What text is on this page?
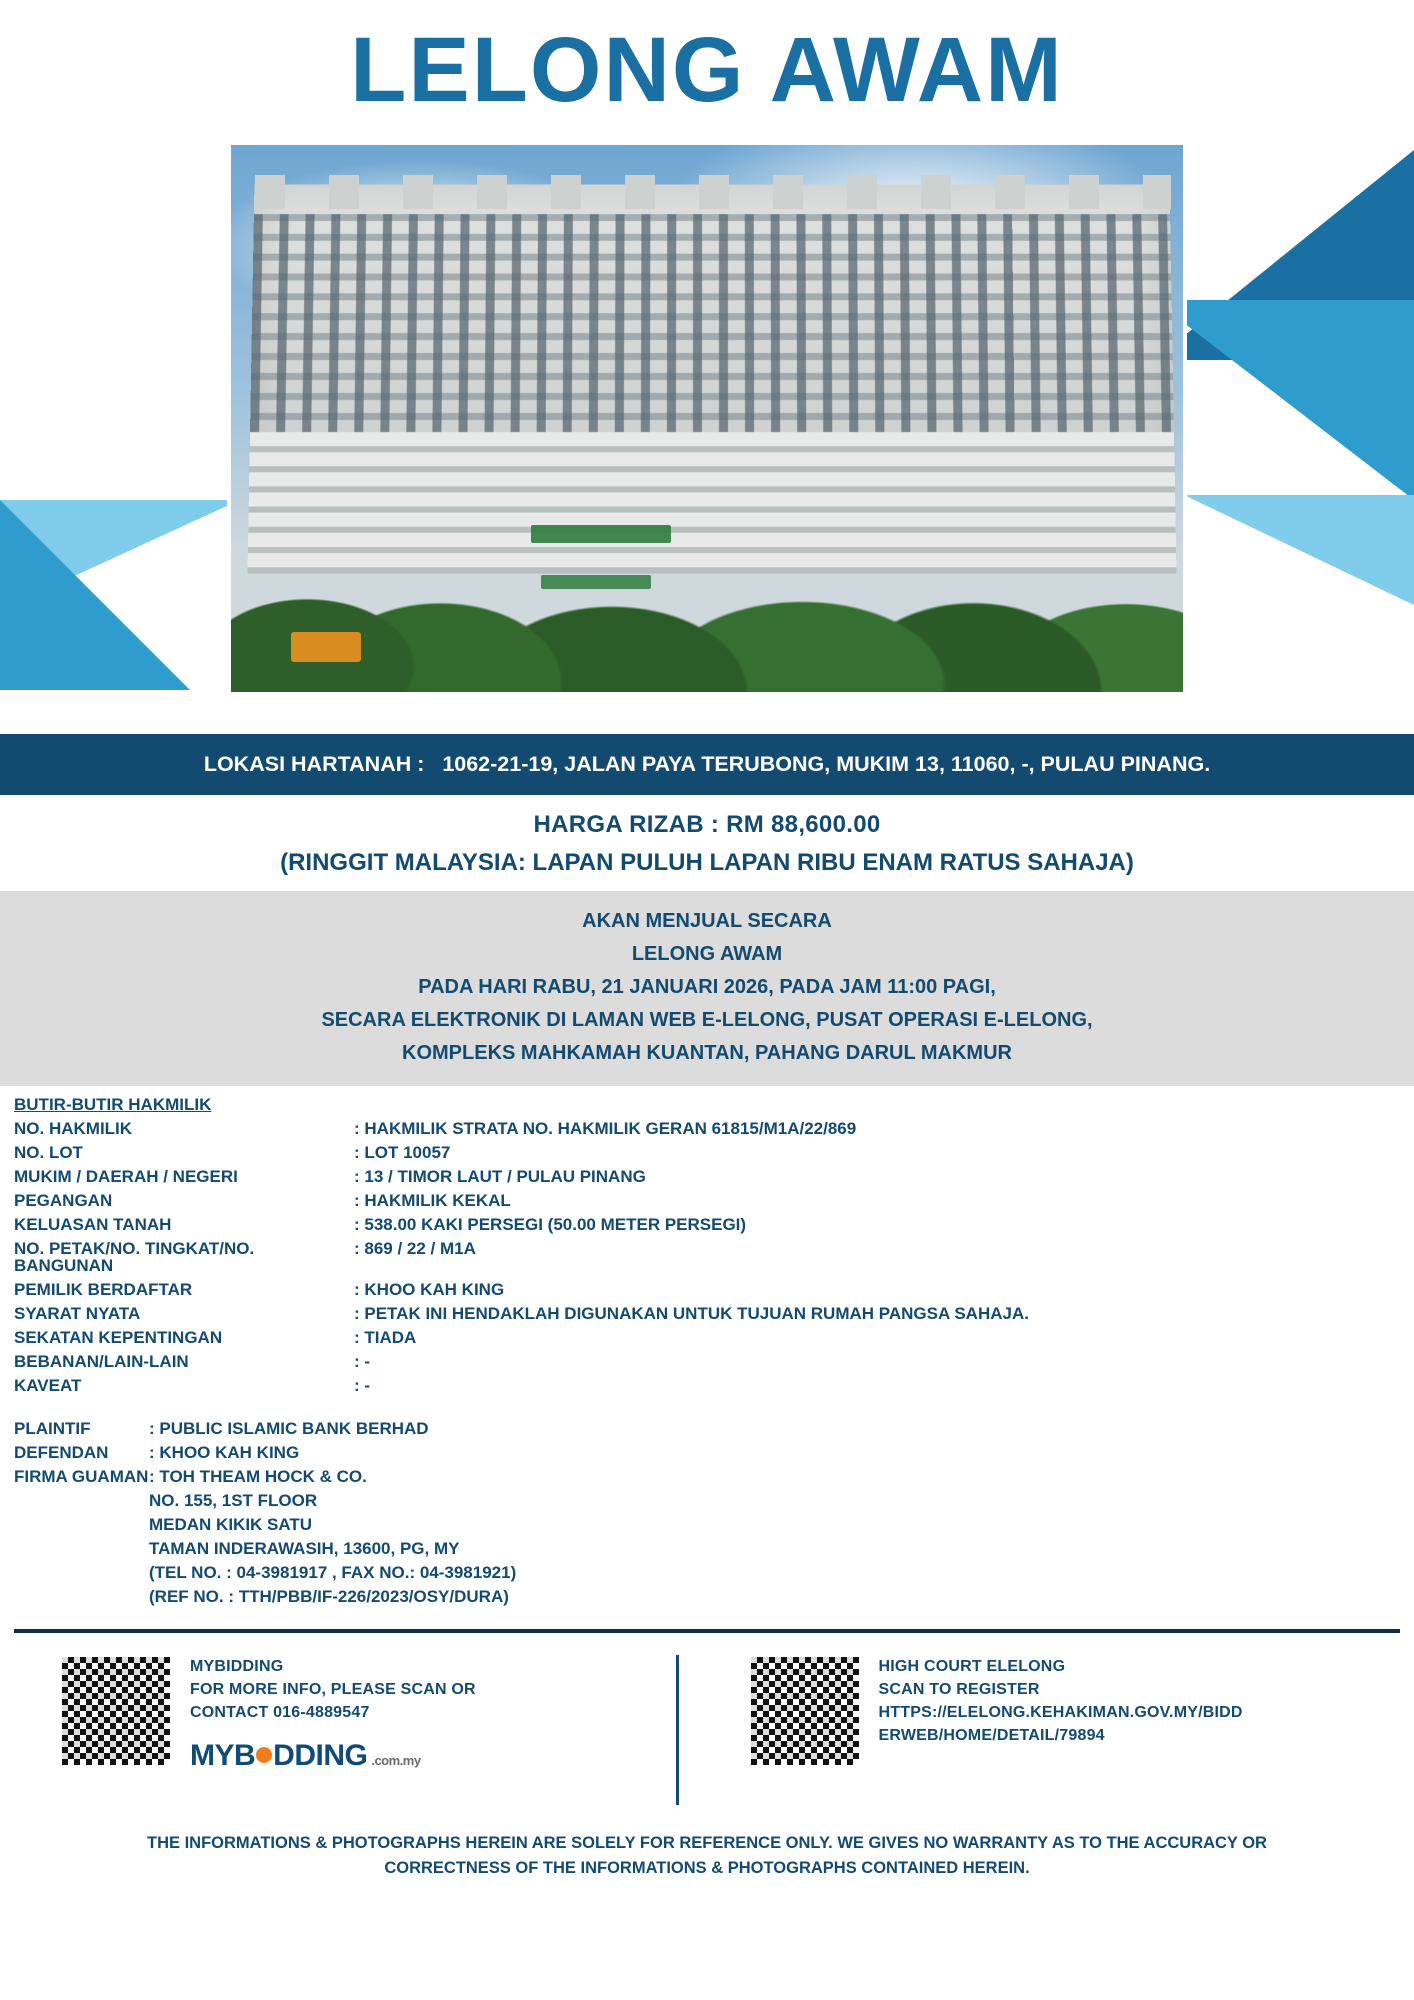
LELONG AWAM
LOKASI HARTANAH : 1062-21-19, JALAN PAYA TERUBONG, MUKIM 13, 11060, -, PULAU PINANG.
HARGA RIZAB : RM 88,600.00
(RINGGIT MALAYSIA: LAPAN PULUH LAPAN RIBU ENAM RATUS SAHAJA)
AKAN MENJUAL SECARA
LELONG AWAM
PADA HARI RABU, 21 JANUARI 2026, PADA JAM 11:00 PAGI,
SECARA ELEKTRONIK DI LAMAN WEB E-LELONG, PUSAT OPERASI E-LELONG,
KOMPLEKS MAHKAMAH KUANTAN, PAHANG DARUL MAKMUR
BUTIR-BUTIR HAKMILIK
NO. HAKMILIK	: HAKMILIK STRATA NO. HAKMILIK GERAN 61815/M1A/22/869
NO. LOT	: LOT 10057
MUKIM / DAERAH / NEGERI	: 13 / TIMOR LAUT / PULAU PINANG
PEGANGAN	: HAKMILIK KEKAL
KELUASAN TANAH	: 538.00 KAKI PERSEGI (50.00 METER PERSEGI)
NO. PETAK/NO. TINGKAT/NO. BANGUNAN
: 869 / 22 / M1A
PEMILIK BERDAFTAR	: KHOO KAH KING
SYARAT NYATA	: PETAK INI HENDAKLAH DIGUNAKAN UNTUK TUJUAN RUMAH PANGSA SAHAJA.
SEKATAN KEPENTINGAN	: TIADA
BEBANAN/LAIN-LAIN	: -
KAVEAT	: -
PLAINTIF	: PUBLIC ISLAMIC BANK BERHAD
DEFENDAN	: KHOO KAH KING
FIRMA GUAMAN : TOH THEAM HOCK & CO.
NO. 155, 1ST FLOOR
MEDAN KIKIK SATU
TAMAN INDERAWASIH, 13600, PG, MY
(TEL NO. : 04-3981917 , FAX NO.: 04-3981921)
(REF NO. : TTH/PBB/IF-226/2023/OSY/DURA)
MYBIDDING
FOR MORE INFO, PLEASE SCAN OR
CONTACT 016-4889547
MYB DDING .com.my
HIGH COURT ELELONG
SCAN TO REGISTER
HTTPS://ELELONG.KEHAKIMAN.GOV.MY/BIDD
ERWEB/HOME/DETAIL/79894
THE INFORMATIONS & PHOTOGRAPHS HEREIN ARE SOLELY FOR REFERENCE ONLY. WE GIVES NO WARRANTY AS TO THE ACCURACY OR
CORRECTNESS OF THE INFORMATIONS & PHOTOGRAPHS CONTAINED HEREIN.
